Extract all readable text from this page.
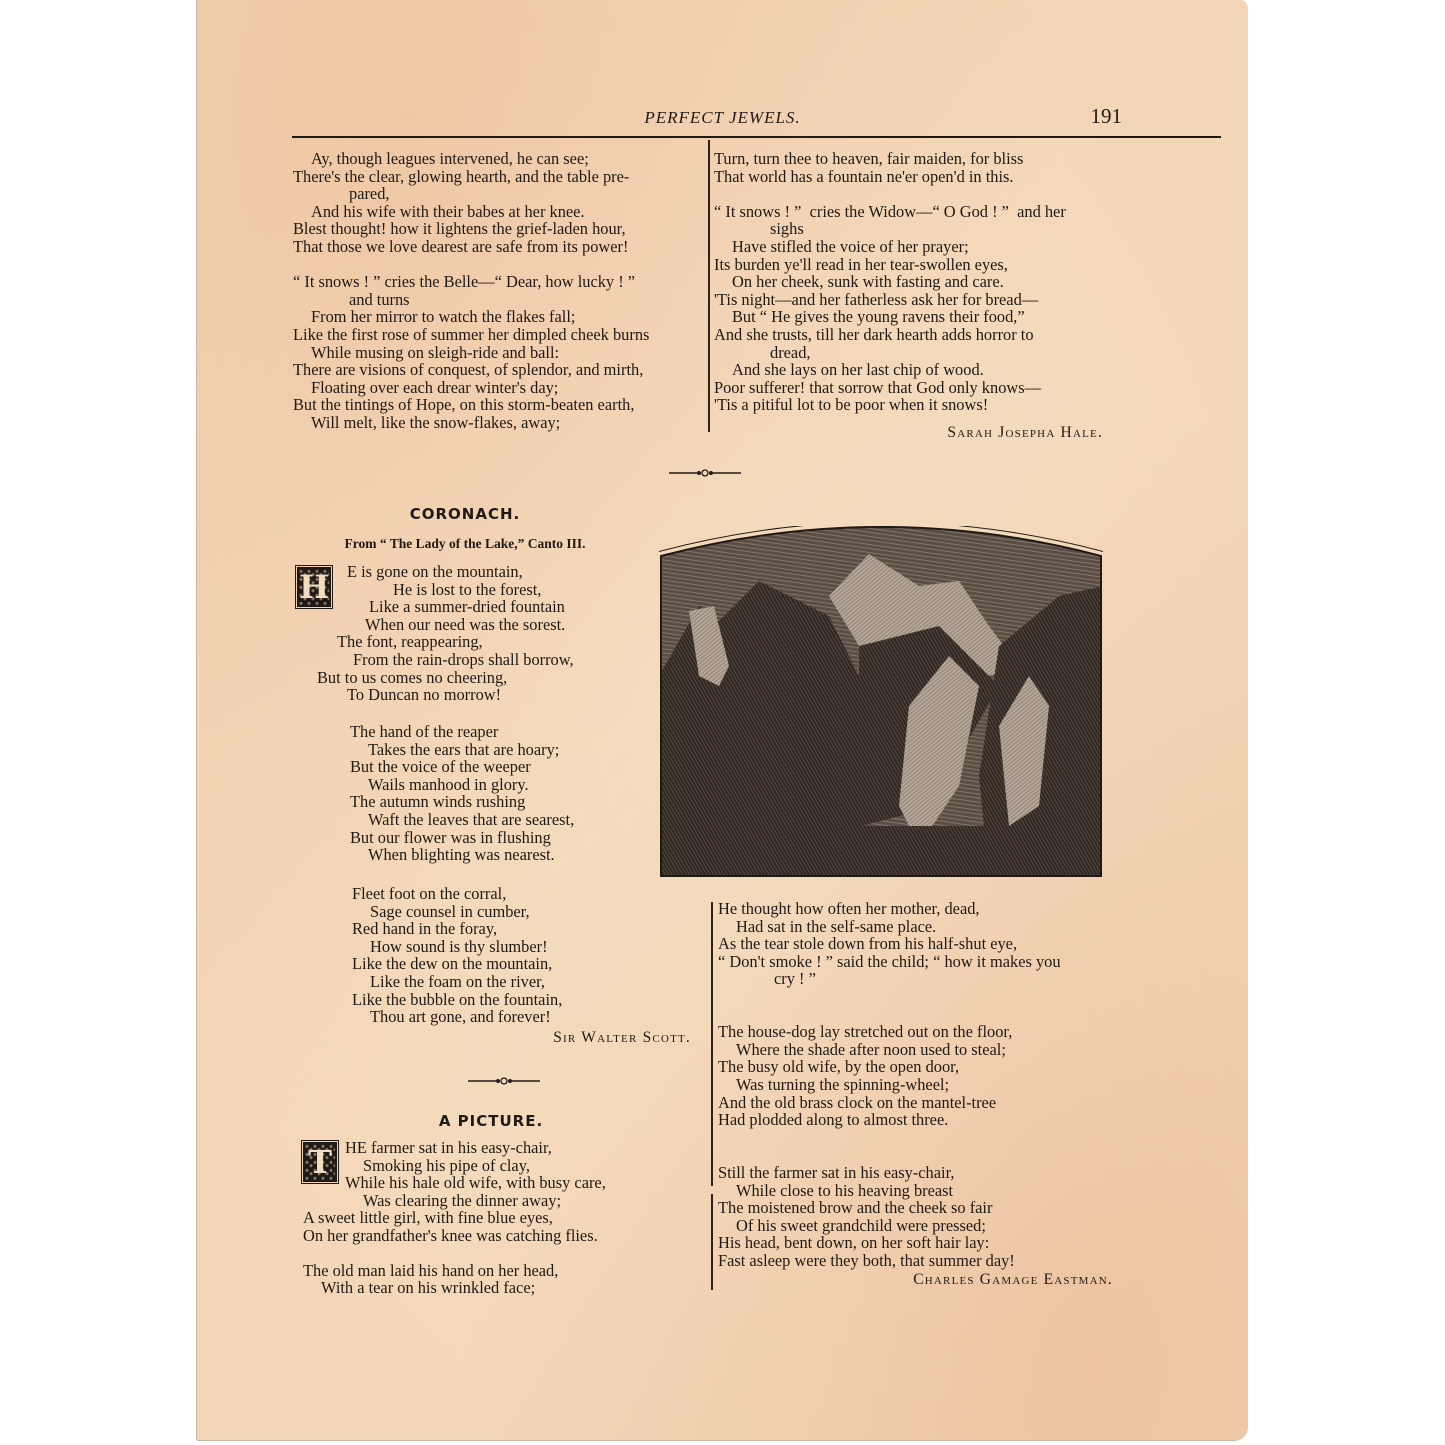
PERFECT JEWELS.	191
Ay, though leagues intervened, he can see;
There's the clear, glowing hearth, and the table pre-
pared,
And his wife with their babes at her knee.
Blest thought! how it lightens the grief-laden hour,
That those we love dearest are safe from its power!
“ It snows ! ” cries the Belle—“ Dear, how lucky ! ”
and turns
From her mirror to watch the flakes fall;
Like the first rose of summer her dimpled cheek burns
While musing on sleigh-ride and ball:
There are visions of conquest, of splendor, and mirth,
Floating over each drear winter's day;
But the tintings of Hope, on this storm-beaten earth,
Will melt, like the snow-flakes, away;
Turn, turn thee to heaven, fair maiden, for bliss
That world has a fountain ne'er open'd in this.
“ It snows ! ”  cries the Widow—“ O God ! ”  and her
sighs
Have stifled the voice of her prayer;
Its burden ye'll read in her tear-swollen eyes,
On her cheek, sunk with fasting and care.
'Tis night—and her fatherless ask her for bread—
But “ He gives the young ravens their food,”
And she trusts, till her dark hearth adds horror to
dread,
And she lays on her last chip of wood.
Poor sufferer! that sorrow that God only knows—
'Tis a pitiful lot to be poor when it snows!
Sarah Josepha Hale.
CORONACH.
From “ The Lady of the Lake,” Canto III.
H E is gone on the mountain,
He is lost to the forest,
Like a summer-dried fountain
When our need was the sorest.
The font, reappearing,
From the rain-drops shall borrow,
But to us comes no cheering,
To Duncan no morrow!
The hand of the reaper
Takes the ears that are hoary;
But the voice of the weeper
Wails manhood in glory.
The autumn winds rushing
Waft the leaves that are searest,
But our flower was in flushing
When blighting was nearest.
Fleet foot on the corral,
Sage counsel in cumber,
Red hand in the foray,
How sound is thy slumber!
Like the dew on the mountain,
Like the foam on the river,
Like the bubble on the fountain,
Thou art gone, and forever!
Sir Walter Scott.
A PICTURE.
T HE farmer sat in his easy-chair,
Smoking his pipe of clay,
While his hale old wife, with busy care,
Was clearing the dinner away;
A sweet little girl, with fine blue eyes,
On her grandfather's knee was catching flies.
The old man laid his hand on her head,
With a tear on his wrinkled face;
He thought how often her mother, dead,
Had sat in the self-same place.
As the tear stole down from his half-shut eye,
“ Don't smoke ! ” said the child; “ how it makes you
cry ! ”
The house-dog lay stretched out on the floor,
Where the shade after noon used to steal;
The busy old wife, by the open door,
Was turning the spinning-wheel;
And the old brass clock on the mantel-tree
Had plodded along to almost three.
Still the farmer sat in his easy-chair,
While close to his heaving breast
The moistened brow and the cheek so fair
Of his sweet grandchild were pressed;
His head, bent down, on her soft hair lay:
Fast asleep were they both, that summer day!
Charles Gamage Eastman.
